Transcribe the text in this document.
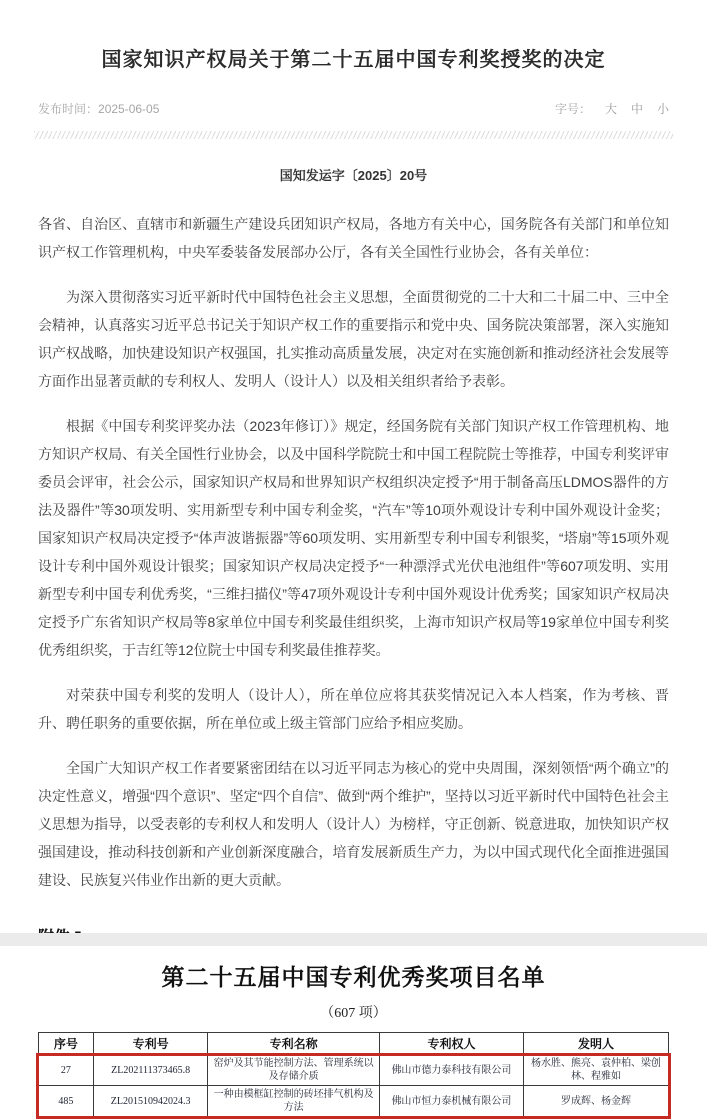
国家知识产权局关于第二十五届中国专利奖授奖的决定
发布时间：2025-06-05	字号： 大 中 小
国知发运字〔2025〕20号

各省、自治区、直辖市和新疆生产建设兵团知识产权局，各地方有关中心，国务院各有关部门和单位知识产权工作管理机构，中央军委装备发展部办公厅，各有关全国性行业协会，各有关单位：

为深入贯彻落实习近平新时代中国特色社会主义思想，全面贯彻党的二十大和二十届二中、三中全会精神，认真落实习近平总书记关于知识产权工作的重要指示和党中央、国务院决策部署，深入实施知识产权战略，加快建设知识产权强国，扎实推动高质量发展，决定对在实施创新和推动经济社会发展等方面作出显著贡献的专利权人、发明人（设计人）以及相关组织者给予表彰。

根据《中国专利奖评奖办法（2023年修订）》规定，经国务院有关部门知识产权工作管理机构、地方知识产权局、有关全国性行业协会，以及中国科学院院士和中国工程院院士等推荐，中国专利奖评审委员会评审，社会公示，国家知识产权局和世界知识产权组织决定授予“用于制备高压LDMOS器件的方法及器件”等30项发明、实用新型专利中国专利金奖，“汽车”等10项外观设计专利中国外观设计金奖；国家知识产权局决定授予“体声波谐振器”等60项发明、实用新型专利中国专利银奖，“塔扇”等15项外观设计专利中国外观设计银奖；国家知识产权局决定授予“一种漂浮式光伏电池组件”等607项发明、实用新型专利中国专利优秀奖，“三维扫描仪”等47项外观设计专利中国外观设计优秀奖；国家知识产权局决定授予广东省知识产权局等8家单位中国专利奖最佳组织奖，上海市知识产权局等19家单位中国专利奖优秀组织奖，于吉红等12位院士中国专利奖最佳推荐奖。

对荣获中国专利奖的发明人（设计人），所在单位应将其获奖情况记入本人档案，作为考核、晋升、聘任职务的重要依据，所在单位或上级主管部门应给予相应奖励。

全国广大知识产权工作者要紧密团结在以习近平同志为核心的党中央周围，深刻领悟“两个确立”的决定性意义，增强“四个意识”、坚定“四个自信”、做到“两个维护”，坚持以习近平新时代中国特色社会主义思想为指导，以受表彰的专利权人和发明人（设计人）为榜样，守正创新、锐意进取，加快知识产权强国建设，推动科技创新和产业创新深度融合，培育发展新质生产力，为以中国式现代化全面推进强国建设、民族复兴伟业作出新的更大贡献。

第二十五届中国专利优秀奖项目名单
（607 项）
序号	专利号	专利名称	专利权人	发明人
27	ZL202111373465.8	窑炉及其节能控制方法、管理系统以及存储介质	佛山市德力泰科技有限公司	杨水胜、熊亮、袁仲柏、梁创林、程雅如
485	ZL201510942024.3	一种由模框缸控制的砖坯排气机构及方法	佛山市恒力泰机械有限公司	罗成辉、杨金辉
